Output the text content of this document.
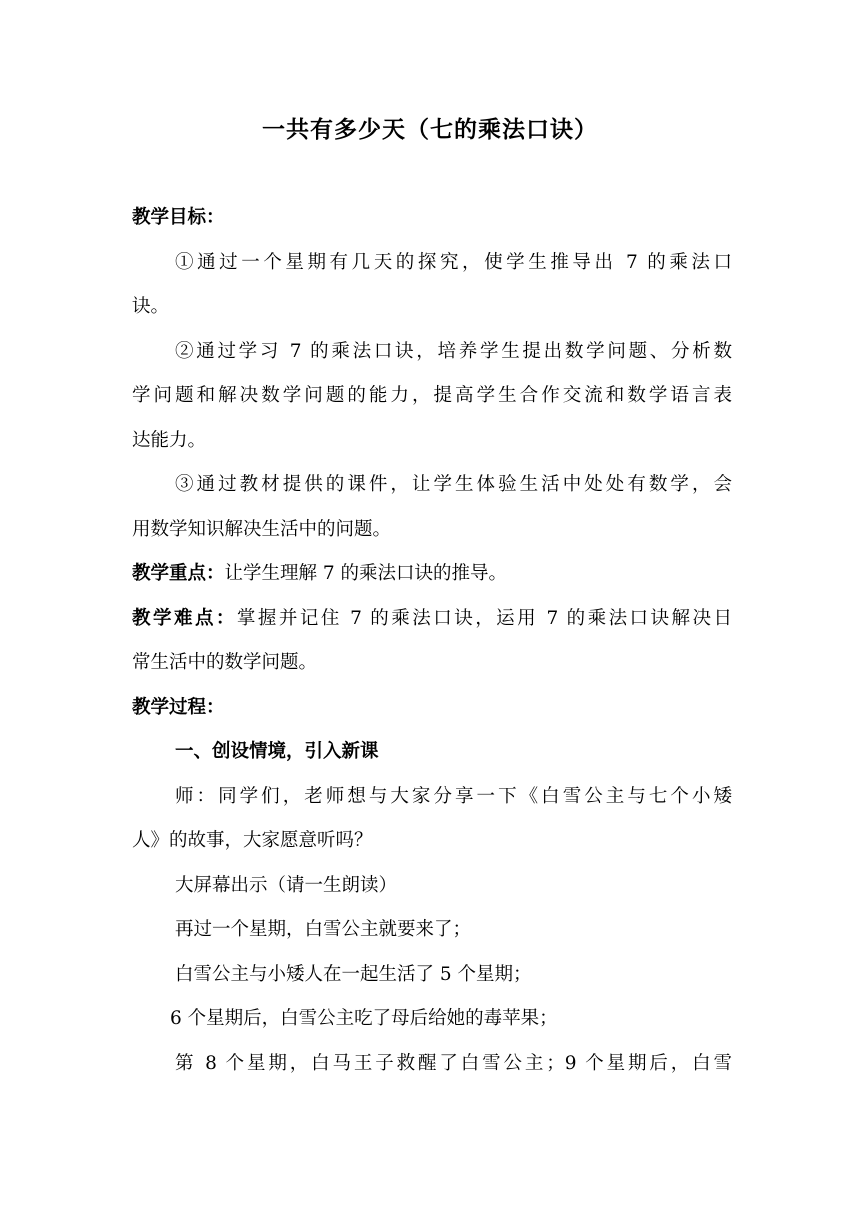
一共有多少天（七的乘法口诀）
教学目标：
①通过一个星期有几天的探究，使学生推导出 7 的乘法口
诀。
②通过学习 7 的乘法口诀，培养学生提出数学问题、分析数
学问题和解决数学问题的能力，提高学生合作交流和数学语言表
达能力。
③通过教材提供的课件，让学生体验生活中处处有数学，会
用数学知识解决生活中的问题。
教学重点：让学生理解 7 的乘法口诀的推导。
教学难点：掌握并记住 7 的乘法口诀，运用 7 的乘法口诀解决日
常生活中的数学问题。
教学过程：
一、创设情境，引入新课
师：同学们，老师想与大家分享一下《白雪公主与七个小矮
人》的故事，大家愿意听吗？
大屏幕出示（请一生朗读）
再过一个星期，白雪公主就要来了；
白雪公主与小矮人在一起生活了 5 个星期；
6 个星期后，白雪公主吃了母后给她的毒苹果；
第 8 个星期，白马王子救醒了白雪公主；9 个星期后，白雪
